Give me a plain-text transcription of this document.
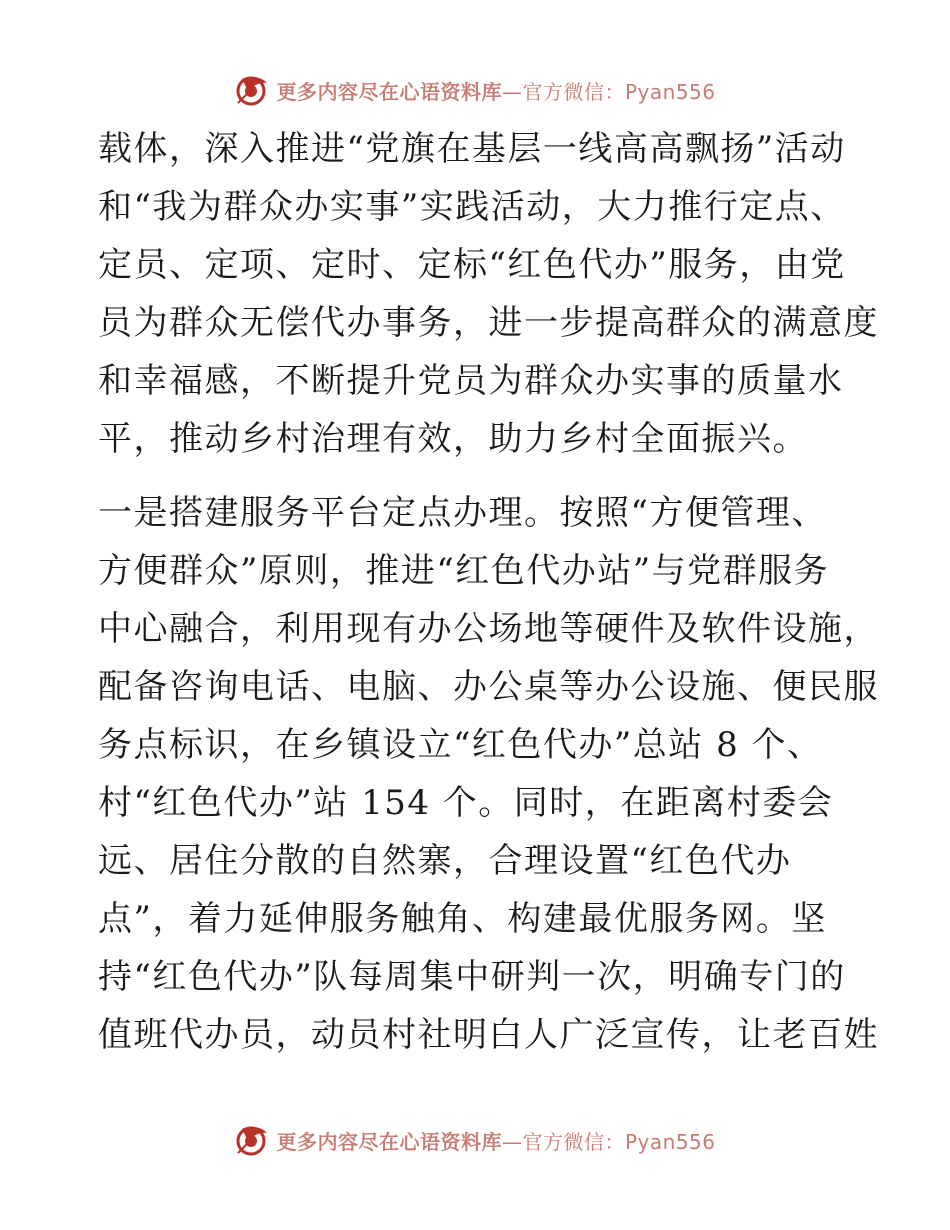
更多内容尽在心语资料库—官方微信：Pyan556
载体，深入推进“党旗在基层一线高高飘扬”活动
和“我为群众办实事”实践活动，大力推行定点、
定员、定项、定时、定标“红色代办”服务，由党
员为群众无偿代办事务，进一步提高群众的满意度
和幸福感，不断提升党员为群众办实事的质量水
平，推动乡村治理有效，助力乡村全面振兴。
一是搭建服务平台定点办理。按照“方便管理、
方便群众”原则，推进“红色代办站”与党群服务
中心融合，利用现有办公场地等硬件及软件设施，
配备咨询电话、电脑、办公桌等办公设施、便民服
务点标识，在乡镇设立“红色代办”总站 8 个、
村“红色代办”站 154 个。同时，在距离村委会
远、居住分散的自然寨，合理设置“红色代办
点”，着力延伸服务触角、构建最优服务网。坚
持“红色代办”队每周集中研判一次，明确专门的
值班代办员，动员村社明白人广泛宣传，让老百姓
更多内容尽在心语资料库—官方微信：Pyan556
